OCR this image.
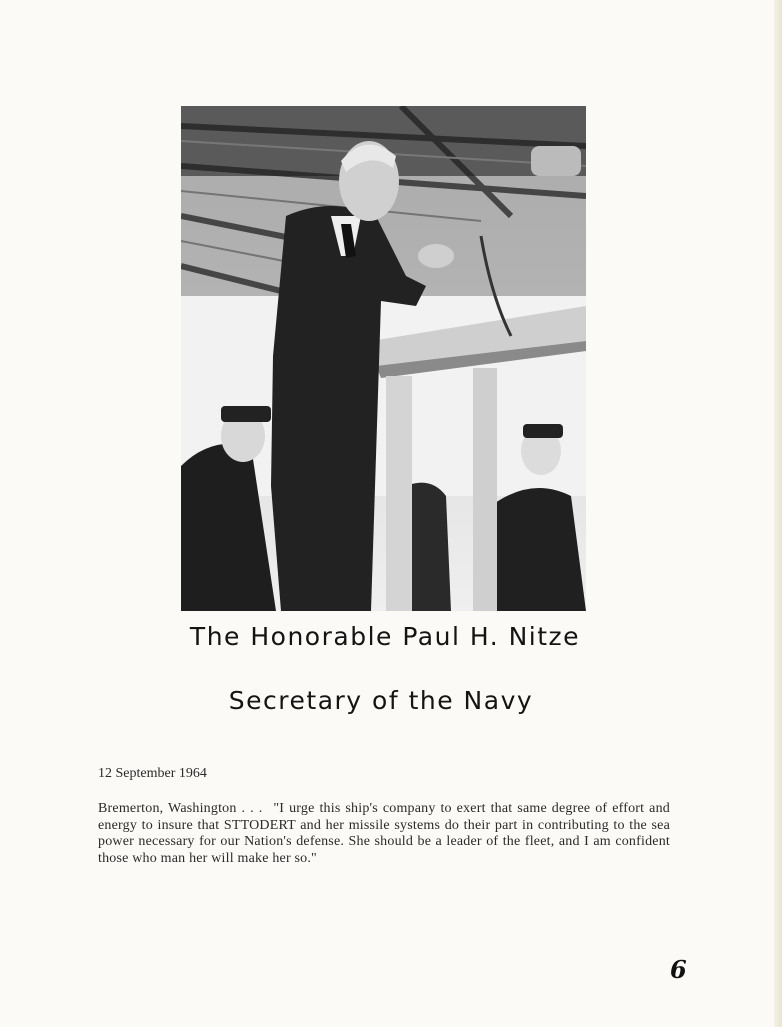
The Honorable Paul H. Nitze
Secretary of the Navy
12 September 1964
Bremerton, Washington . . . "I urge this ship's company to exert that same degree of effort and energy to insure that STTODERT and her missile systems do their part in contributing to the sea power necessary for our Nation's defense. She should be a leader of the fleet, and I am confident those who man her will make her so."
6
